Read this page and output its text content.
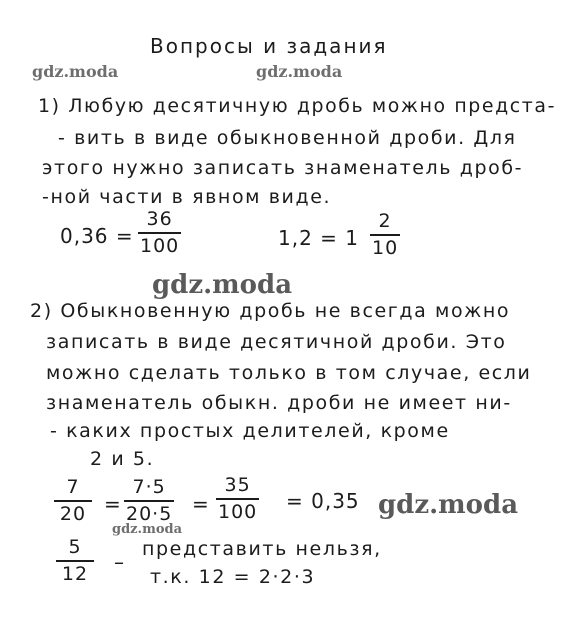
Вопросы и задания
gdz.moda	gdz.moda
gdz.moda
gdz.moda
gdz.moda
1) Любую десятичную дробь можно предста-
- вить в виде обыкновенной дроби. Для
этого нужно записать знаменатель дроб-
-ной части в явном виде.
0,36 =
36
100	1,2 = 1
2
10
2) Обыкновенную дробь не всегда можно
записать в виде десятичной дроби. Это
можно сделать только в том случае, если
знаменатель обыкн. дроби не имеет ни-
- каких простых делителей, кроме
2 и 5.
7
20 =
7·5
20·5 =
35
100 = 0,35
5
12 –
представить нельзя,
т.к. 12 = 2·2·3
